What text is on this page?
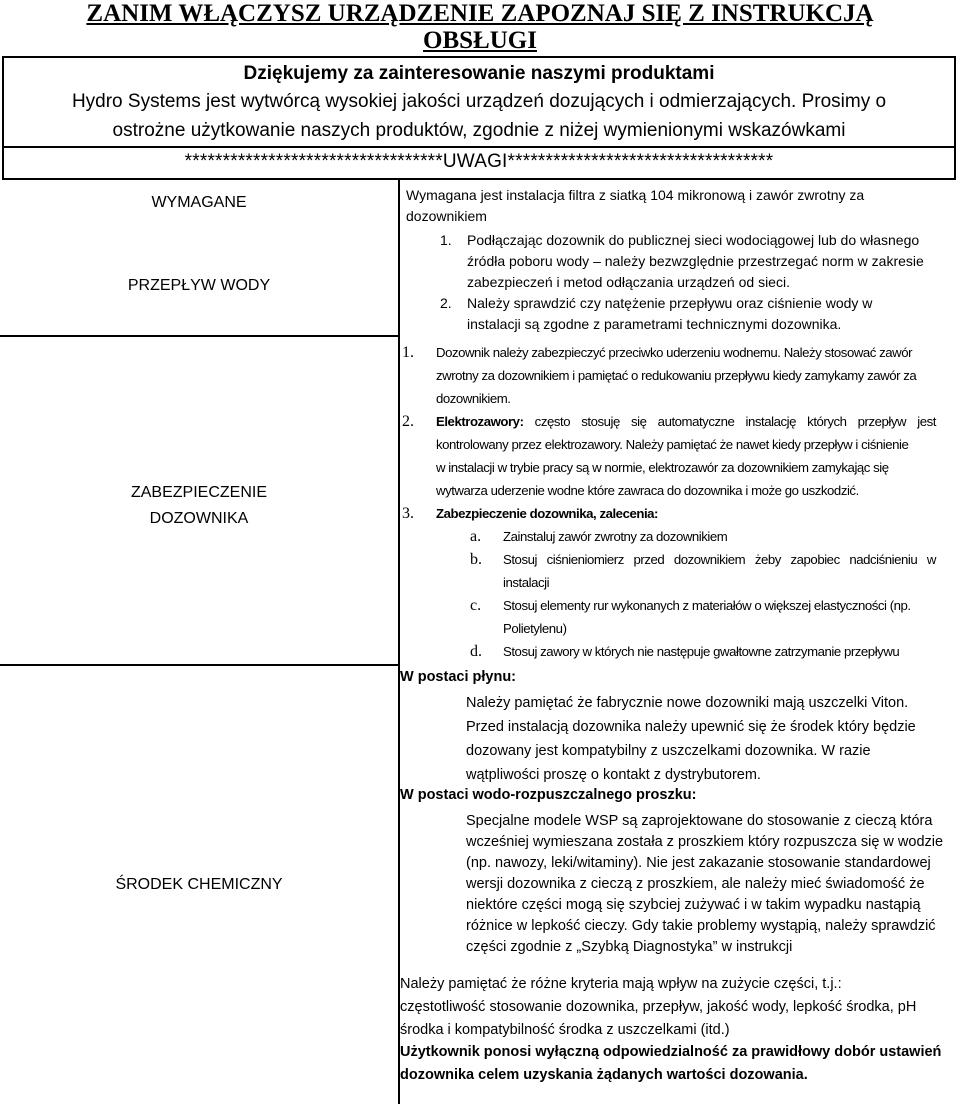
ZANIM WŁĄCZYSZ URZĄDZENIE ZAPOZNAJ SIĘ Z INSTRUKCJĄ
OBSŁUGI
Dziękujemy za zainteresowanie naszymi produktami
Hydro Systems jest wytwórcą wysokiej jakości urządzeń dozujących i odmierzających. Prosimy o
ostrożne użytkowanie naszych produktów, zgodnie z niżej wymienionymi wskazówkami
**********************************UWAGI***********************************
WYMAGANE
PRZEPŁYW WODY
ZABEZPIECZENIE
DOZOWNIKA
ŚRODEK CHEMICZNY
Wymagana jest instalacja filtra z siatką 104 mikronową i zawór zwrotny za
dozownikiem
1. Podłączając dozownik do publicznej sieci wodociągowej lub do własnego
źródła poboru wody – należy bezwzględnie przestrzegać norm w zakresie
zabezpieczeń i metod odłączania urządzeń od sieci.
2. Należy sprawdzić czy natężenie przepływu oraz ciśnienie wody w
instalacji są zgodne z parametrami technicznymi dozownika.
1. Dozownik należy zabezpieczyć przeciwko uderzeniu wodnemu. Należy stosować zawór
zwrotny za dozownikiem i pamiętać o redukowaniu przepływu kiedy zamykamy zawór za
dozownikiem.
2. Elektrozawory: często stosuję się automatyczne instalację których przepływ jest
kontrolowany przez elektrozawory. Należy pamiętać że nawet kiedy przepływ i ciśnienie
w instalacji w trybie pracy są w normie, elektrozawór za dozownikiem zamykając się
wytwarza uderzenie wodne które zawraca do dozownika i może go uszkodzić.
3. Zabezpieczenie dozownika, zalecenia:
a. Zainstaluj zawór zwrotny za dozownikiem
b. Stosuj ciśnieniomierz przed dozownikiem żeby zapobiec nadciśnieniu w
instalacji
c. Stosuj elementy rur wykonanych z materiałów o większej elastyczności (np.
Polietylenu)
d. Stosuj zawory w których nie następuje gwałtowne zatrzymanie przepływu
W postaci płynu:
Należy pamiętać że fabrycznie nowe dozowniki mają uszczelki Viton.
Przed instalacją dozownika należy upewnić się że środek który będzie
dozowany jest kompatybilny z uszczelkami dozownika. W razie
wątpliwości proszę o kontakt z dystrybutorem.
W postaci wodo-rozpuszczalnego proszku:
Specjalne modele WSP są zaprojektowane do stosowanie z cieczą która
wcześniej wymieszana została z proszkiem który rozpuszcza się w wodzie
(np. nawozy, leki/witaminy). Nie jest zakazanie stosowanie standardowej
wersji dozownika z cieczą z proszkiem, ale należy mieć świadomość że
niektóre części mogą się szybciej zużywać i w takim wypadku nastąpią
różnice w lepkość cieczy. Gdy takie problemy wystąpią, należy sprawdzić
części zgodnie z „Szybką Diagnostyka” w instrukcji
Należy pamiętać że różne kryteria mają wpływ na zużycie części, t.j.:
częstotliwość stosowanie dozownika, przepływ, jakość wody, lepkość środka, pH
środka i kompatybilność środka z uszczelkami (itd.)
Użytkownik ponosi wyłączną odpowiedzialność za prawidłowy dobór ustawień
dozownika celem uzyskania żądanych wartości dozowania.
